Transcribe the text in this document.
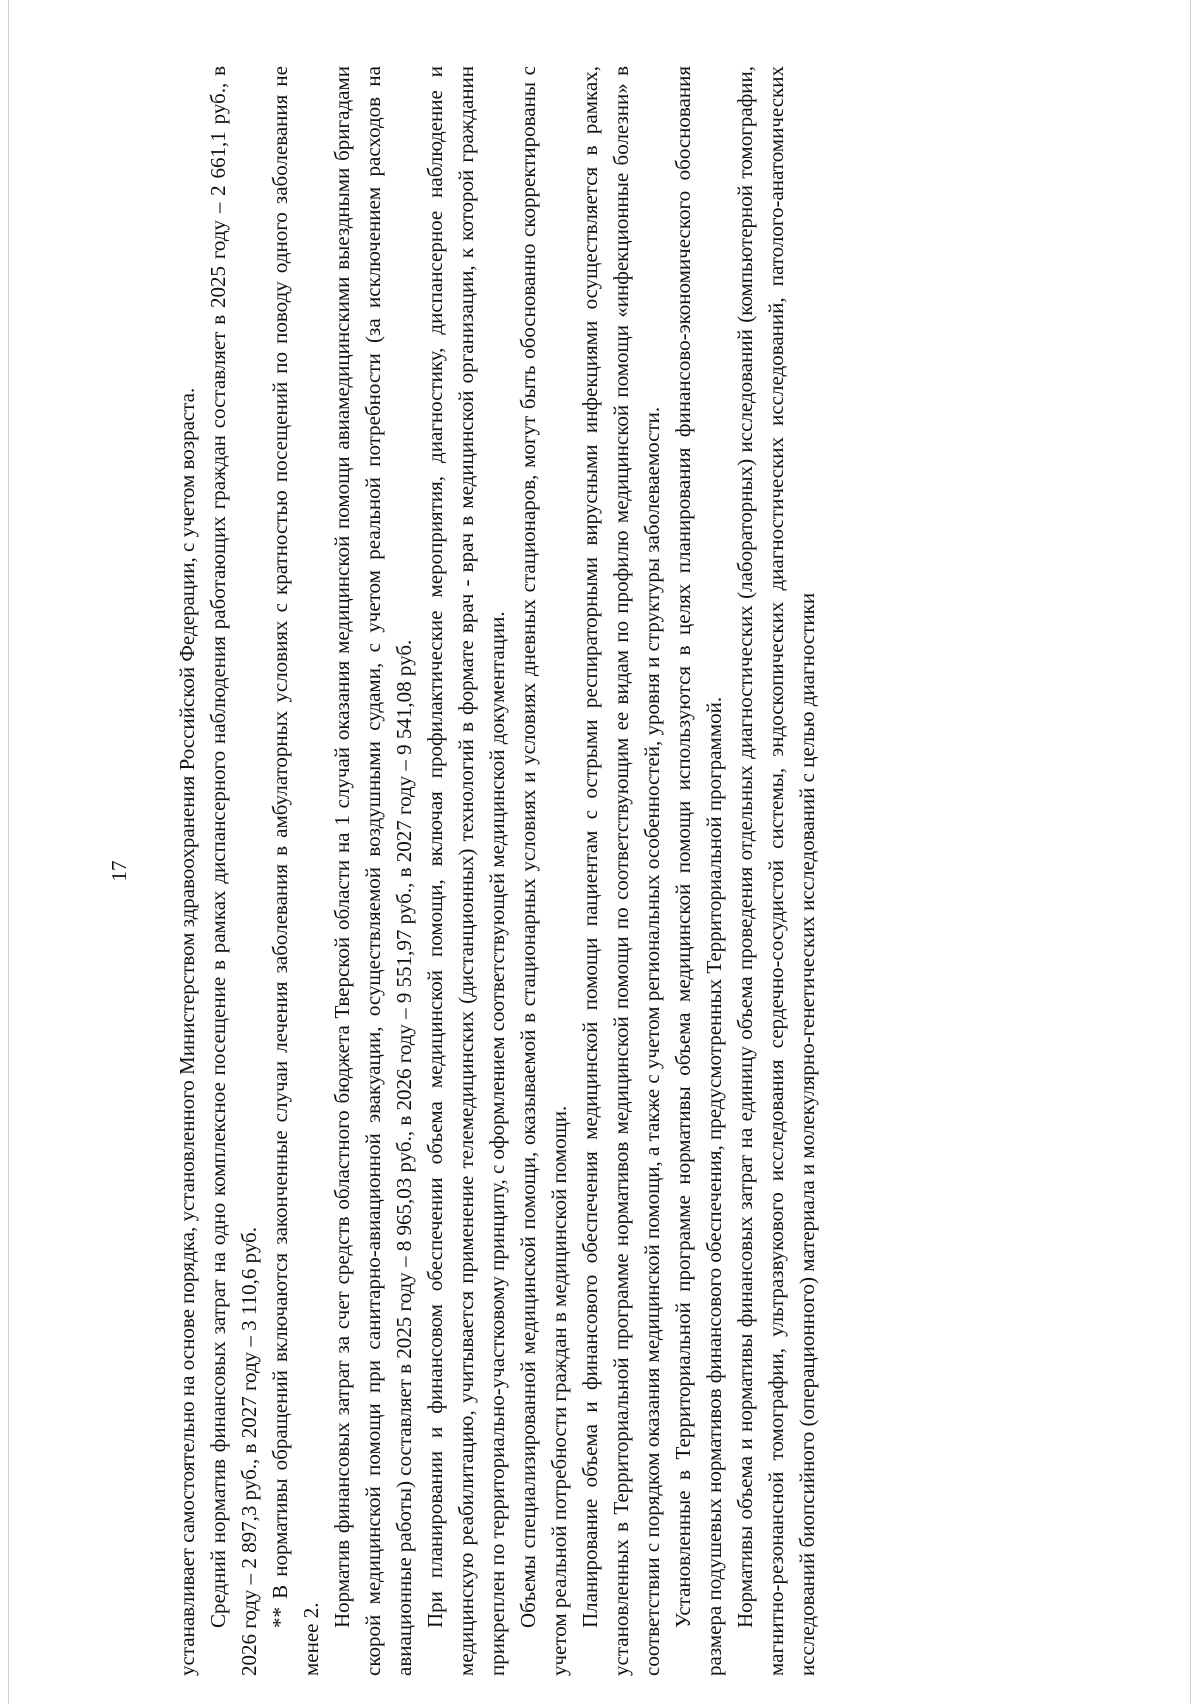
17 устанавливает самостоятельно на основе порядка, установленного Министерством здравоохранения Российской Федерации, с учетом возраста. Средний норматив финансовых затрат на одно комплексное посещение в рамках диспансерного наблюдения работающих граждан составляет в 2025 году – 2 661,1 руб., в 2026 году – 2 897,3 руб., в 2027 году – 3 110,6 руб. ** В нормативы обращений включаются законченные случаи лечения заболевания в амбулаторных условиях с кратностью посещений по поводу одного заболевания не менее 2.

Норматив финансовых затрат за счет средств областного бюджета Тверской области на 1 случай оказания медицинской помощи авиамедицинскими выездными бригадами скорой медицинской помощи при санитарно-авиационной эвакуации, осуществляемой воздушными судами, с учетом реальной потребности (за исключением расходов на авиационные работы) составляет в 2025 году – 8 965,03 руб., в 2026 году – 9 551,97 руб., в 2027 году – 9 541,08 руб. При планировании и финансовом обеспечении объема медицинской помощи, включая профилактические мероприятия, диагностику, диспансерное наблюдение и медицинскую реабилитацию, учитывается применение телемедицинских (дистанционных) технологий в формате врач - врач в медицинской организации, к которой гражданин прикреплен по территориально-участковому принципу, с оформлением соответствующей медицинской документации. Объемы специализированной медицинской помощи, оказываемой в стационарных условиях и условиях дневных стационаров, могут быть обоснованно скорректированы с учетом реальной потребности граждан в медицинской помощи. Планирование объема и финансового обеспечения медицинской помощи пациентам с острыми респираторными вирусными инфекциями осуществляется в рамках, установленных в Территориальной программе нормативов медицинской помощи по соответствующим ее видам по профилю медицинской помощи «инфекционные болезни» в соответствии с порядком оказания медицинской помощи, а также с учетом региональных особенностей, уровня и структуры заболеваемости. Установленные в Территориальной программе нормативы объема медицинской помощи используются в целях планирования финансово-экономического обоснования размера подушевых нормативов финансового обеспечения, предусмотренных Территориальной программой. Нормативы объема и нормативы финансовых затрат на единицу объема проведения отдельных диагностических (лабораторных) исследований (компьютерной томографии, магнитно-резонансной томографии, ультразвукового исследования сердечно-сосудистой системы, эндоскопических диагностических исследований, патолого-анатомических исследований биопсийного (операционного) материала и молекулярно-генетических исследований с целью диагностики
